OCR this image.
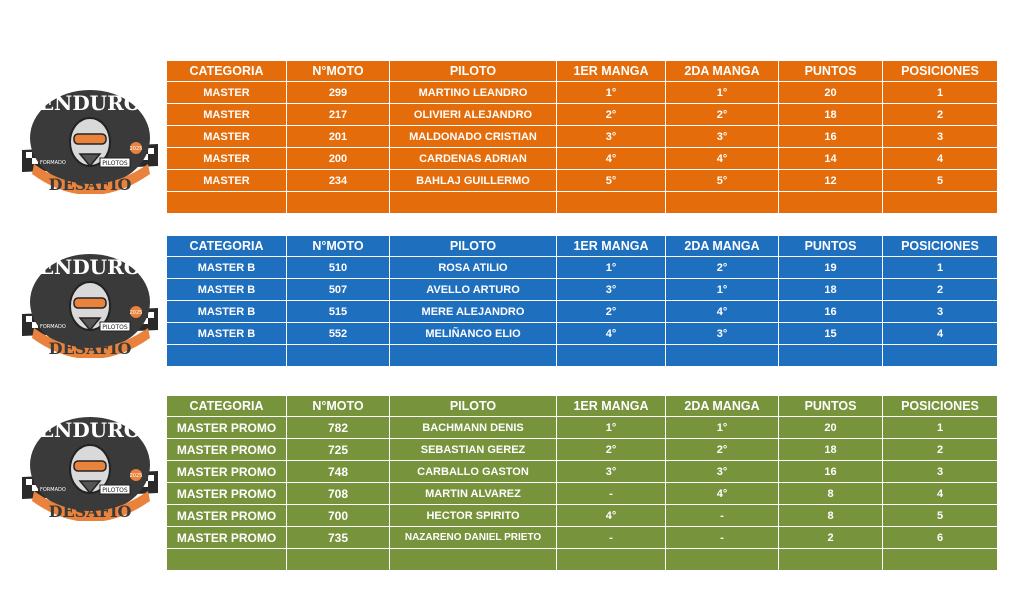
ENDURO
DESAFIO
PILOTOS
FORMADO
2025
CATEGORIA	N°MOTO	PILOTO	1ER MANGA	2DA MANGA	PUNTOS	POSICIONES
MASTER	299	MARTINO LEANDRO	1°	1°	20	1
MASTER	217	OLIVIERI ALEJANDRO	2°	2°	18	2
MASTER	201	MALDONADO CRISTIAN	3°	3°	16	3
MASTER	200	CARDENAS ADRIAN	4°	4°	14	4
MASTER	234	BAHLAJ GUILLERMO	5°	5°	12	5

ENDURO
DESAFIO
PILOTOS
FORMADO
2025
CATEGORIA	N°MOTO	PILOTO	1ER MANGA	2DA MANGA	PUNTOS	POSICIONES
MASTER B	510	ROSA ATILIO	1°	2°	19	1
MASTER B	507	AVELLO ARTURO	3°	1°	18	2
MASTER B	515	MERE ALEJANDRO	2°	4°	16	3
MASTER B	552	MELIÑANCO ELIO	4°	3°	15	4

ENDURO
DESAFIO
PILOTOS
FORMADO
2025
CATEGORIA	N°MOTO	PILOTO	1ER MANGA	2DA MANGA	PUNTOS	POSICIONES
MASTER PROMO	782	BACHMANN DENIS	1°	1°	20	1
MASTER PROMO	725	SEBASTIAN GEREZ	2°	2°	18	2
MASTER PROMO	748	CARBALLO GASTON	3°	3°	16	3
MASTER PROMO	708	MARTIN ALVAREZ	-	4°	8	4
MASTER PROMO	700	HECTOR SPIRITO	4°	-	8	5
MASTER PROMO	735	NAZARENO DANIEL PRIETO	-	-	2	6
